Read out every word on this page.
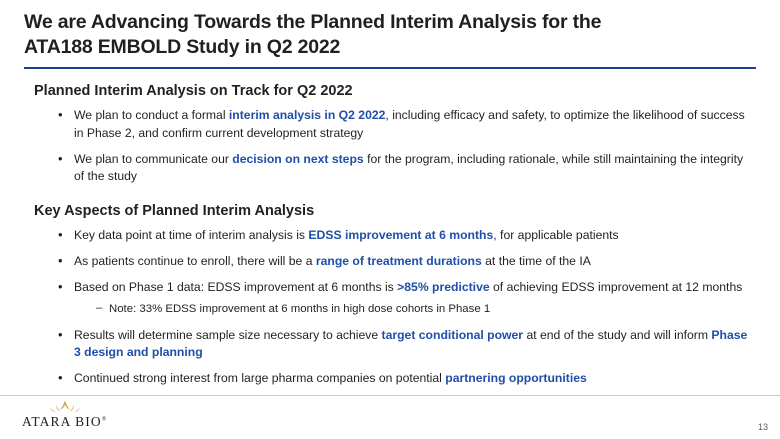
We are Advancing Towards the Planned Interim Analysis for the
ATA188 EMBOLD Study in Q2 2022
Planned Interim Analysis on Track for Q2 2022
• We plan to conduct a formal interim analysis in Q2 2022, including efficacy and safety, to optimize the likelihood of success in Phase 2, and confirm current development strategy
• We plan to communicate our decision on next steps for the program, including rationale, while still maintaining the integrity of the study
Key Aspects of Planned Interim Analysis
• Key data point at time of interim analysis is EDSS improvement at 6 months, for applicable patients
• As patients continue to enroll, there will be a range of treatment durations at the time of the IA
• Based on Phase 1 data: EDSS improvement at 6 months is >85% predictive of achieving EDSS improvement at 12 months
– Note: 33% EDSS improvement at 6 months in high dose cohorts in Phase 1
• Results will determine sample size necessary to achieve target conditional power at end of the study and will inform Phase 3 design and planning
• Continued strong interest from large pharma companies on potential partnering opportunities
ATARA BIO®
13
